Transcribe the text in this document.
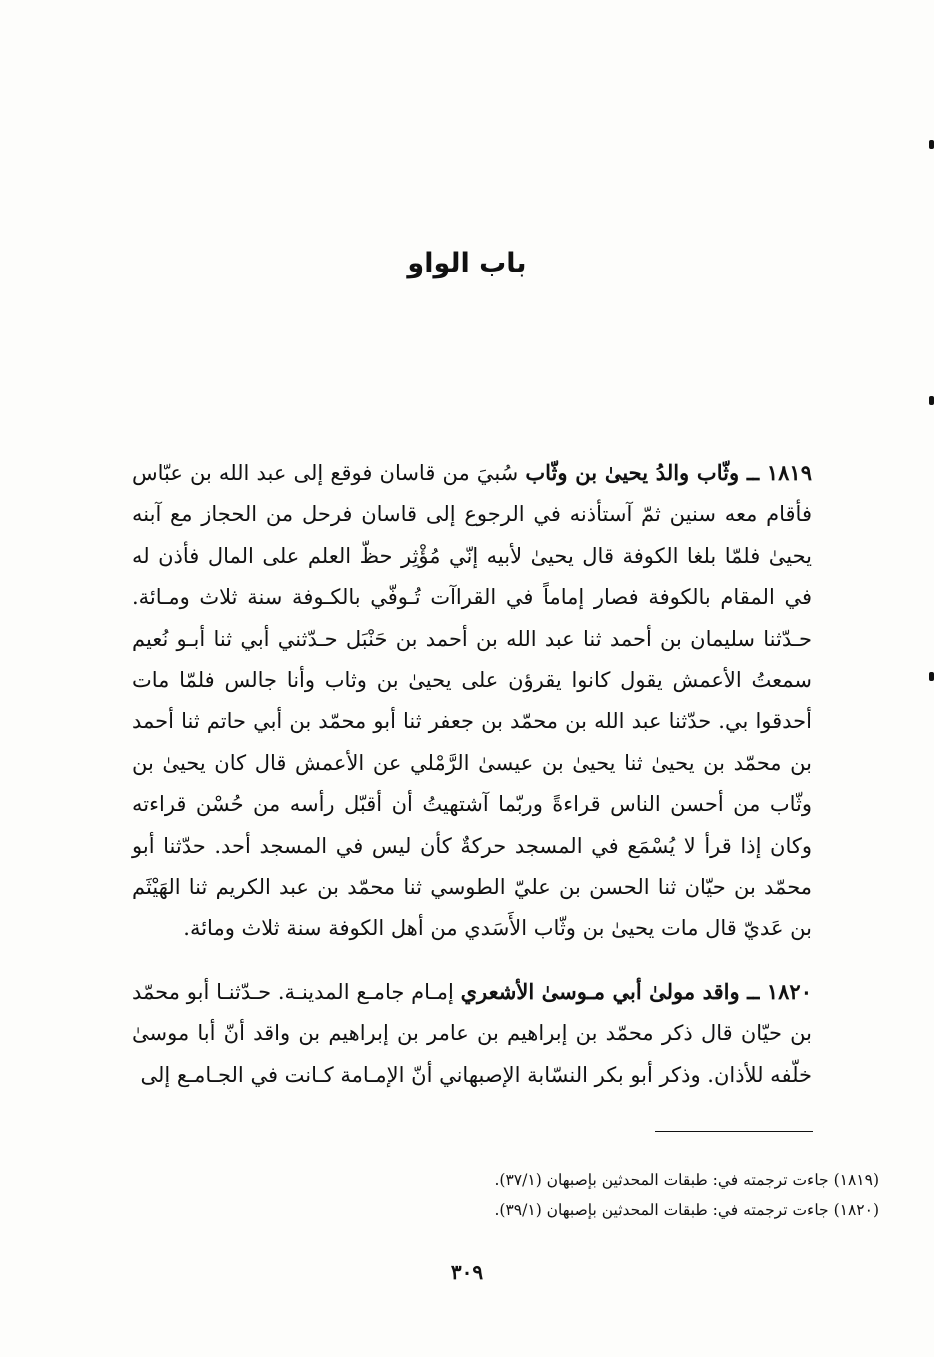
باب الواو

١٨١٩ ــ وثّاب والدُ يحيىٰ بن وثّاب سُبيَ من قاسان فوقع إلى عبد الله بن عبّاس فأقام معه سنين ثمّ آستأذنه في الرجوع إلى قاسان فرحل من الحجاز مع آبنه يحيىٰ فلمّا بلغا الكوفة قال يحيىٰ لأبيه إنّي مُؤْثِر حظّ العلم على المال فأذن له في المقام بالكوفة فصار إماماً في القراآت تُـوفّي بالكـوفة سنة ثلاث ومـائة. حـدّثنا سليمان بن أحمد ثنا عبد الله بن أحمد بن حَنْبَل حـدّثني أبي ثنا أبـو نُعيم سمعتُ الأعمش يقول كانوا يقرؤن على يحيىٰ بن وثاب وأنا جالس فلمّا مات أحدقوا بي. حدّثنا عبد الله بن محمّد بن جعفر ثنا أبو محمّد بن أبي حاتم ثنا أحمد بن محمّد بن يحيىٰ ثنا يحيىٰ بن عيسىٰ الرَّمْلي عن الأعمش قال كان يحيىٰ بن وثّاب من أحسن الناس قراءةً وربّما آشتهيتُ أن أقبّل رأسه من حُسْن قراءته وكان إذا قرأ لا يُسْمَع في المسجد حركةٌ كأن ليس في المسجد أحد. حدّثنا أبو محمّد بن حيّان ثنا الحسن بن عليّ الطوسي ثنا محمّد بن عبد الكريم ثنا الهَيْثَم بن عَديّ قال مات يحيىٰ بن وثّاب الأَسَدي من أهل الكوفة سنة ثلاث ومائة.

١٨٢٠ ــ واقد مولىٰ أبي مـوسىٰ الأشعري إمـام جامـع المدينـة. حـدّثنـا أبو محمّد بن حيّان قال ذكر محمّد بن إبراهيم بن عامر بن إبراهيم بن واقد أنّ أبا موسىٰ خلّفه للأذان. وذكر أبو بكر النسّابة الإصبهاني أنّ الإمـامة كـانت في الجـامـع إلى

(١٨١٩) جاءت ترجمته في: طبقات المحدثين بإصبهان (٣٧/١).

(١٨٢٠) جاءت ترجمته في: طبقات المحدثين بإصبهان (٣٩/١).

٣٠٩
